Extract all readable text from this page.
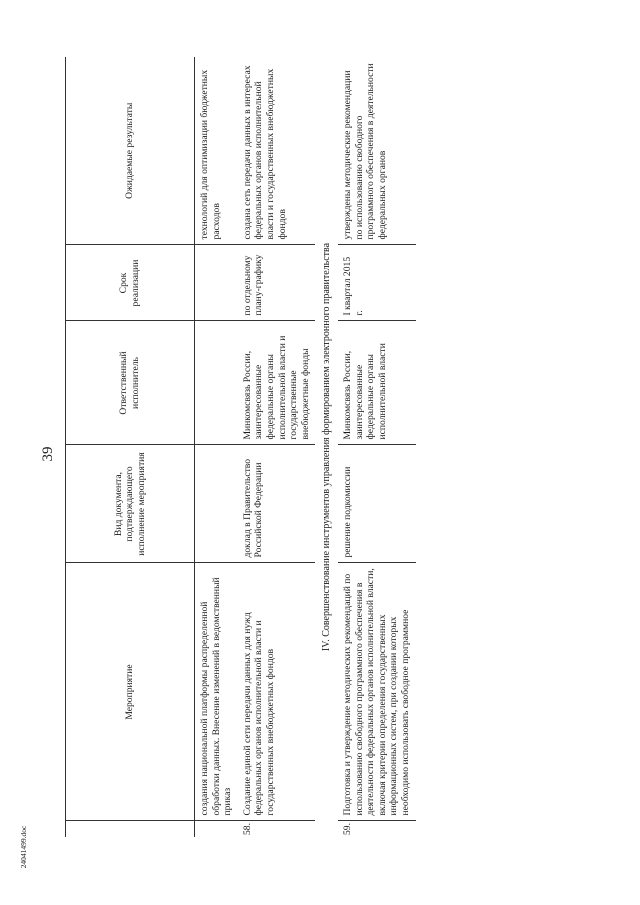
39
24041499.doc
	Мероприятие	Вид документа, подтверждающего исполнение мероприятия	Ответственный исполнитель	Срок реализации	Ожидаемые результаты
	создания национальной платформы распределенной обработки данных. Внесение изменений в ведомственный приказ				технологий для оптимизации бюджетных расходов
58.	Создание единой сети передачи данных для нужд федеральных органов исполнительной власти и государственных внебюджетных фондов	доклад в Правительство Российской Федерации	Минкомсвязь России, заинтересованные федеральные органы исполнительной власти и государственные внебюджетные фонды	по отдельному плану-графику	создана сеть передачи данных в интересах федеральных органов исполнительной власти и государственных внебюджетных фондов
IV. Совершенствование инструментов управления формированием электронного правительства					
59.	Подготовка и утверждение методических рекомендаций по использованию свободного программного обеспечения в деятельности федеральных органов исполнительной власти, включая критерии определения государственных информационных систем, при создании которых необходимо использовать свободное программное	решение подкомиссии	Минкомсвязь России, заинтересованные федеральные органы исполнительной власти	I квартал 2015 г.	утверждены методические рекомендации по использованию свободного программного обеспечения в деятельности федеральных органов
